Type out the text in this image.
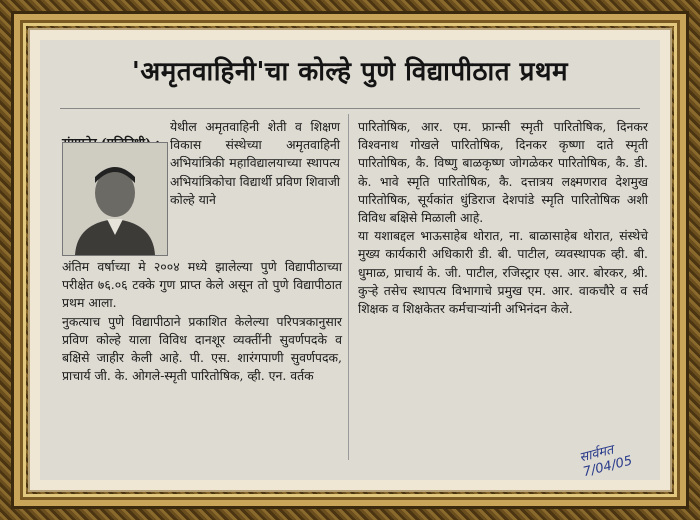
'अमृतवाहिनी'चा कोल्हे पुणे विद्यापीठात प्रथम

येथील अमृतवाहिनी शेती व शिक्षण विकास संस्थेच्या अमृतवाहिनी अभियांत्रिकी महाविद्यालयाच्या स्थापत्य अभियांत्रिकोचा विद्यार्थी प्रविण शिवाजी कोल्हे याने
अंतिम वर्षाच्या मे २००४ मध्ये झालेल्या पुणे विद्यापीठाच्या परीक्षेत ७६.०६ टक्के गुण प्राप्त केले असून तो पुणे विद्यापीठात प्रथम आला.
नुकत्याच पुणे विद्यापीठाने प्रकाशित केलेल्या परिपत्रकानुसार प्रविण कोल्हे याला विविध दानशूर व्यक्तींनी सुवर्णपदके व बक्षिसे जाहीर केली आहे. पी. एस. शारंगपाणी सुवर्णपदक, प्राचार्य जी. के. ओगले-स्मृती पारितोषिक, व्ही. एन. वर्तक
पारितोषिक, आर. एम. फ्रान्सी स्मृती पारितोषिक, दिनकर विश्वनाथ गोखले पारितोषिक, दिनकर कृष्णा दाते स्मृती पारितोषिक, कै. विष्णु बाळकृष्ण जोगळेकर पारितोषिक, कै. डी. के. भावे स्मृति पारितोषिक, कै. दत्तात्रय लक्ष्मणराव देशमुख पारितोषिक, सूर्यकांत धुंडिराज देशपांडे स्मृति पारितोषिक अशी विविध बक्षिसे मिळाली आहे.
या यशाबद्दल भाऊसाहेब थोरात, ना. बाळासाहेब थोरात, संस्थेचे मुख्य कार्यकारी अधिकारी डी. बी. पाटील, व्यवस्थापक व्ही. बी. धुमाळ, प्राचार्य के. जी. पाटील, रजिस्ट्रार एस. आर. बोरकर, श्री. कुऱ्हे तसेच स्थापत्य विभागाचे प्रमुख एम. आर. वाकचौरे व सर्व शिक्षक व शिक्षकेतर कर्मचाऱ्यांनी अभिनंदन केले.
सार्वमत 7/04/05
